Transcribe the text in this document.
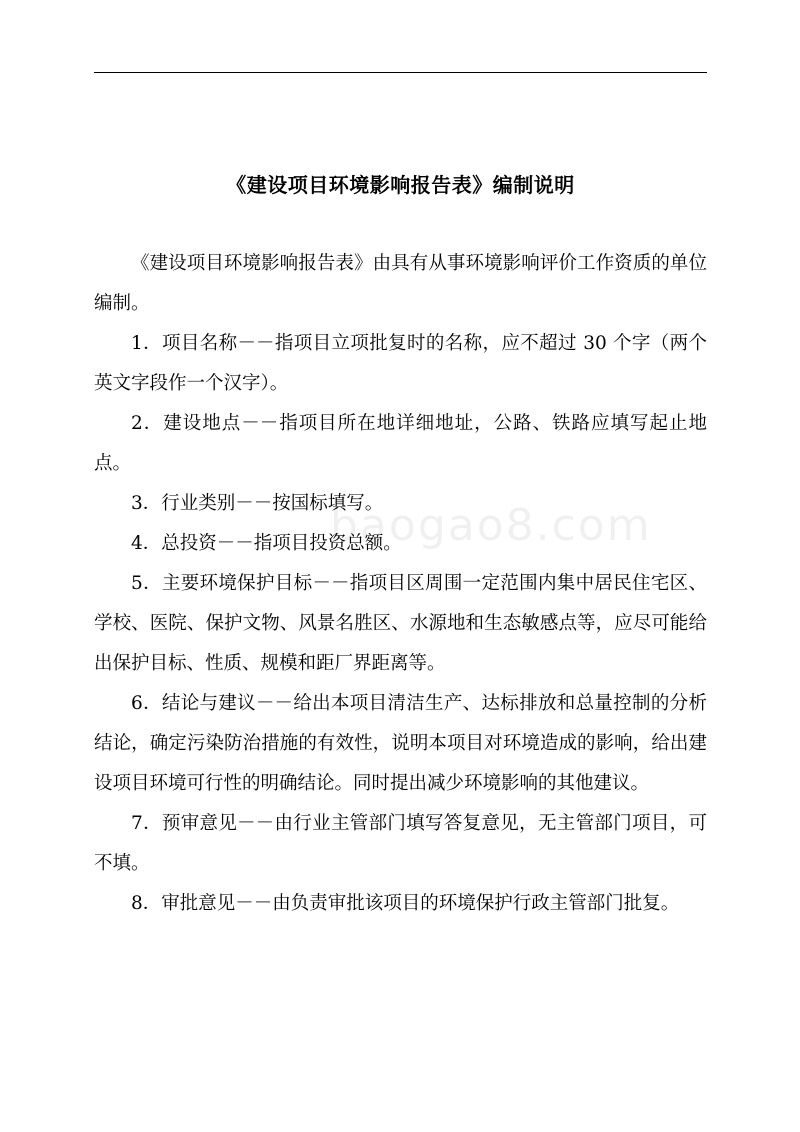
《建设项目环境影响报告表》编制说明

《建设项目环境影响报告表》由具有从事环境影响评价工作资质的单位编制。

1．项目名称－－指项目立项批复时的名称，应不超过 30 个字（两个英文字段作一个汉字）。

2．建设地点－－指项目所在地详细地址，公路、铁路应填写起止地点。

3．行业类别－－按国标填写。

4．总投资－－指项目投资总额。

5．主要环境保护目标－－指项目区周围一定范围内集中居民住宅区、学校、医院、保护文物、风景名胜区、水源地和生态敏感点等，应尽可能给出保护目标、性质、规模和距厂界距离等。

6．结论与建议－－给出本项目清洁生产、达标排放和总量控制的分析结论，确定污染防治措施的有效性，说明本项目对环境造成的影响，给出建设项目环境可行性的明确结论。同时提出减少环境影响的其他建议。

7．预审意见－－由行业主管部门填写答复意见，无主管部门项目，可不填。

8．审批意见－－由负责审批该项目的环境保护行政主管部门批复。

baogao8.com
